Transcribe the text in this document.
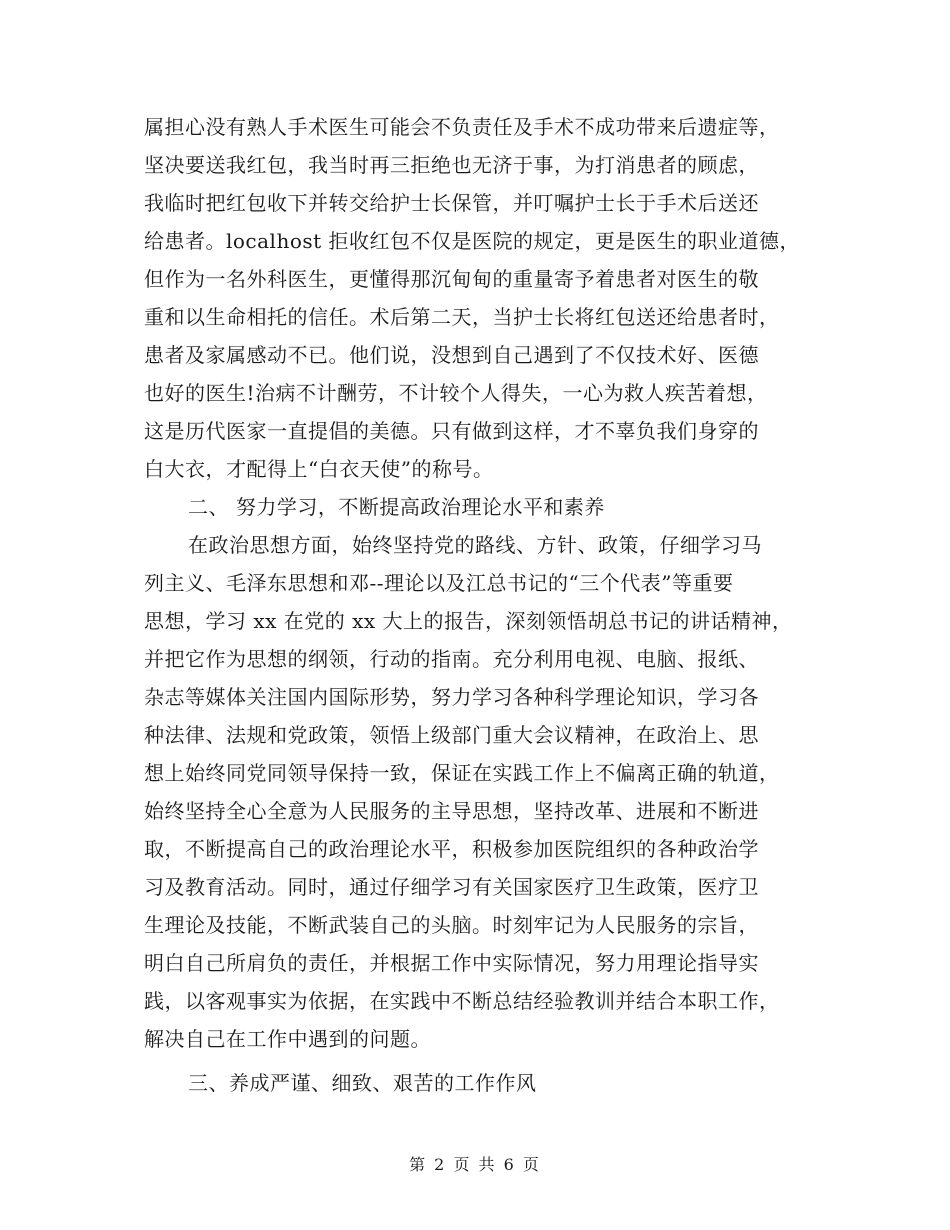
属担心没有熟人手术医生可能会不负责任及手术不成功带来后遗症等，
坚决要送我红包，我当时再三拒绝也无济于事，为打消患者的顾虑，
我临时把红包收下并转交给护士长保管，并叮嘱护士长于手术后送还
给患者。localhost 拒收红包不仅是医院的规定，更是医生的职业道德，
但作为一名外科医生，更懂得那沉甸甸的重量寄予着患者对医生的敬
重和以生命相托的信任。术后第二天，当护士长将红包送还给患者时，
患者及家属感动不已。他们说，没想到自己遇到了不仅技术好、医德
也好的医生!治病不计酬劳，不计较个人得失，一心为救人疾苦着想，
这是历代医家一直提倡的美德。只有做到这样，才不辜负我们身穿的
白大衣，才配得上“白衣天使”的称号。
二、 努力学习，不断提高政治理论水平和素养
在政治思想方面，始终坚持党的路线、方针、政策，仔细学习马
列主义、毛泽东思想和邓--理论以及江总书记的“三个代表”等重要
思想，学习 xx 在党的 xx 大上的报告，深刻领悟胡总书记的讲话精神，
并把它作为思想的纲领，行动的指南。充分利用电视、电脑、报纸、
杂志等媒体关注国内国际形势，努力学习各种科学理论知识，学习各
种法律、法规和党政策，领悟上级部门重大会议精神，在政治上、思
想上始终同党同领导保持一致，保证在实践工作上不偏离正确的轨道，
始终坚持全心全意为人民服务的主导思想，坚持改革、进展和不断进
取，不断提高自己的政治理论水平，积极参加医院组织的各种政治学
习及教育活动。同时，通过仔细学习有关国家医疗卫生政策，医疗卫
生理论及技能，不断武装自己的头脑。时刻牢记为人民服务的宗旨，
明白自己所肩负的责任，并根据工作中实际情况，努力用理论指导实
践，以客观事实为依据，在实践中不断总结经验教训并结合本职工作，
解决自己在工作中遇到的问题。
三、养成严谨、细致、艰苦的工作作风
第 2 页 共 6 页
